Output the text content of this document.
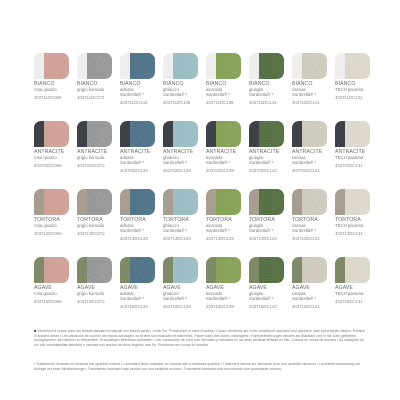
BIANCO
rosa quarzo

403711DC066
BIANCO
grigio kornodo

403711DC072
BIANCO
adriatic
Sunbrella® *
403711DC143
BIANCO
ghiaccio
Sunbrella® *
403711DC139
BIANCO
avocado
Sunbrella® *
403711DC139
BIANCO
giungla
Sunbrella® *
403711DC143
BIANCO
canvas
Sunbrella® *
403711DC141
BIANCO
TECH panama

403711DC131
ANTRACITE
rosa quarzo

403702DC066
ANTRACITE
grigio kornodo

403702DC072
ANTRACITE
adriatic
Sunbrella® *
403702DC143
ANTRACITE
ghiaccio
Sunbrella® *
403702DC139
ANTRACITE
avocado
Sunbrella® *
403702DC139
ANTRACITE
giungla
Sunbrella® *
403702DC143
ANTRACITE
canvas
Sunbrella® *
403702DC141
ANTRACITE
TECH panama

403702DC131
TORTORA
rosa quarzo

403713DC066
TORTORA
grigio kornodo

403713DC072
TORTORA
adriatic
Sunbrella® *
403713DC143
TORTORA
ghiaccio
Sunbrella® *
403713DC139
TORTORA
avocado
Sunbrella® *
403713DC139
TORTORA
giungla
Sunbrella® *
403713DC143
TORTORA
canvas
Sunbrella® *
403713DC141
TORTORA
TECH panama

403713DC131
AGAVE
rosa quarzo

403716DC066
AGAVE
grigio kornodo

403716DC072
AGAVE
adriatic
Sunbrella® *
403716DC143
AGAVE
ghiaccio
Sunbrella® *
403716DC139
AGAVE
avocado
Sunbrella® *
403716DC139
AGAVE
giungla
Sunbrella® *
403716DC143
AGAVE
canvas
Sunbrella® *
403716DC141
AGAVE
TECH panama

403716DC131
■ Variazioni di colore sono dei tessuti standard e naturali non tessuti acrilici. Unita Tox. Posizionare in zone d'ombra • Colour variations are to be considered standard and natural in yarn-dyed acrylic fabrics. Position in shaded areas • Les variations de couleur des tissus acryliques ou fil teint sont standard et naturelles. Placer dans des zones ombragées • Farbveränderungen werden als Standard und in mit Garn gefärbten Acrylgeweben als natürlich zu betrachten. In schattigen Bereichen aufstellen • Las variaciones de color son normales y naturales en las telas acrílicas teñidas en hilo. Colocar en zonas de sombra • As variações de cor são consideradas standard e naturais nos tecidos acrílicos tingidos com fio. Posicionar em zonas de sombra.
* Trattamento laminato su richiesta con quantità minima • Laminated finish available on request with a minimum quantity • Traitement laminé sur demande avec une quantité minimum • Laminierte Ausrüstung auf Anfrage mit einer Mindestmenge • Tratamiento laminado bajo pedido con una cantidad mínima • Tratamento laminado sob encomenda com quantidade mínima.
